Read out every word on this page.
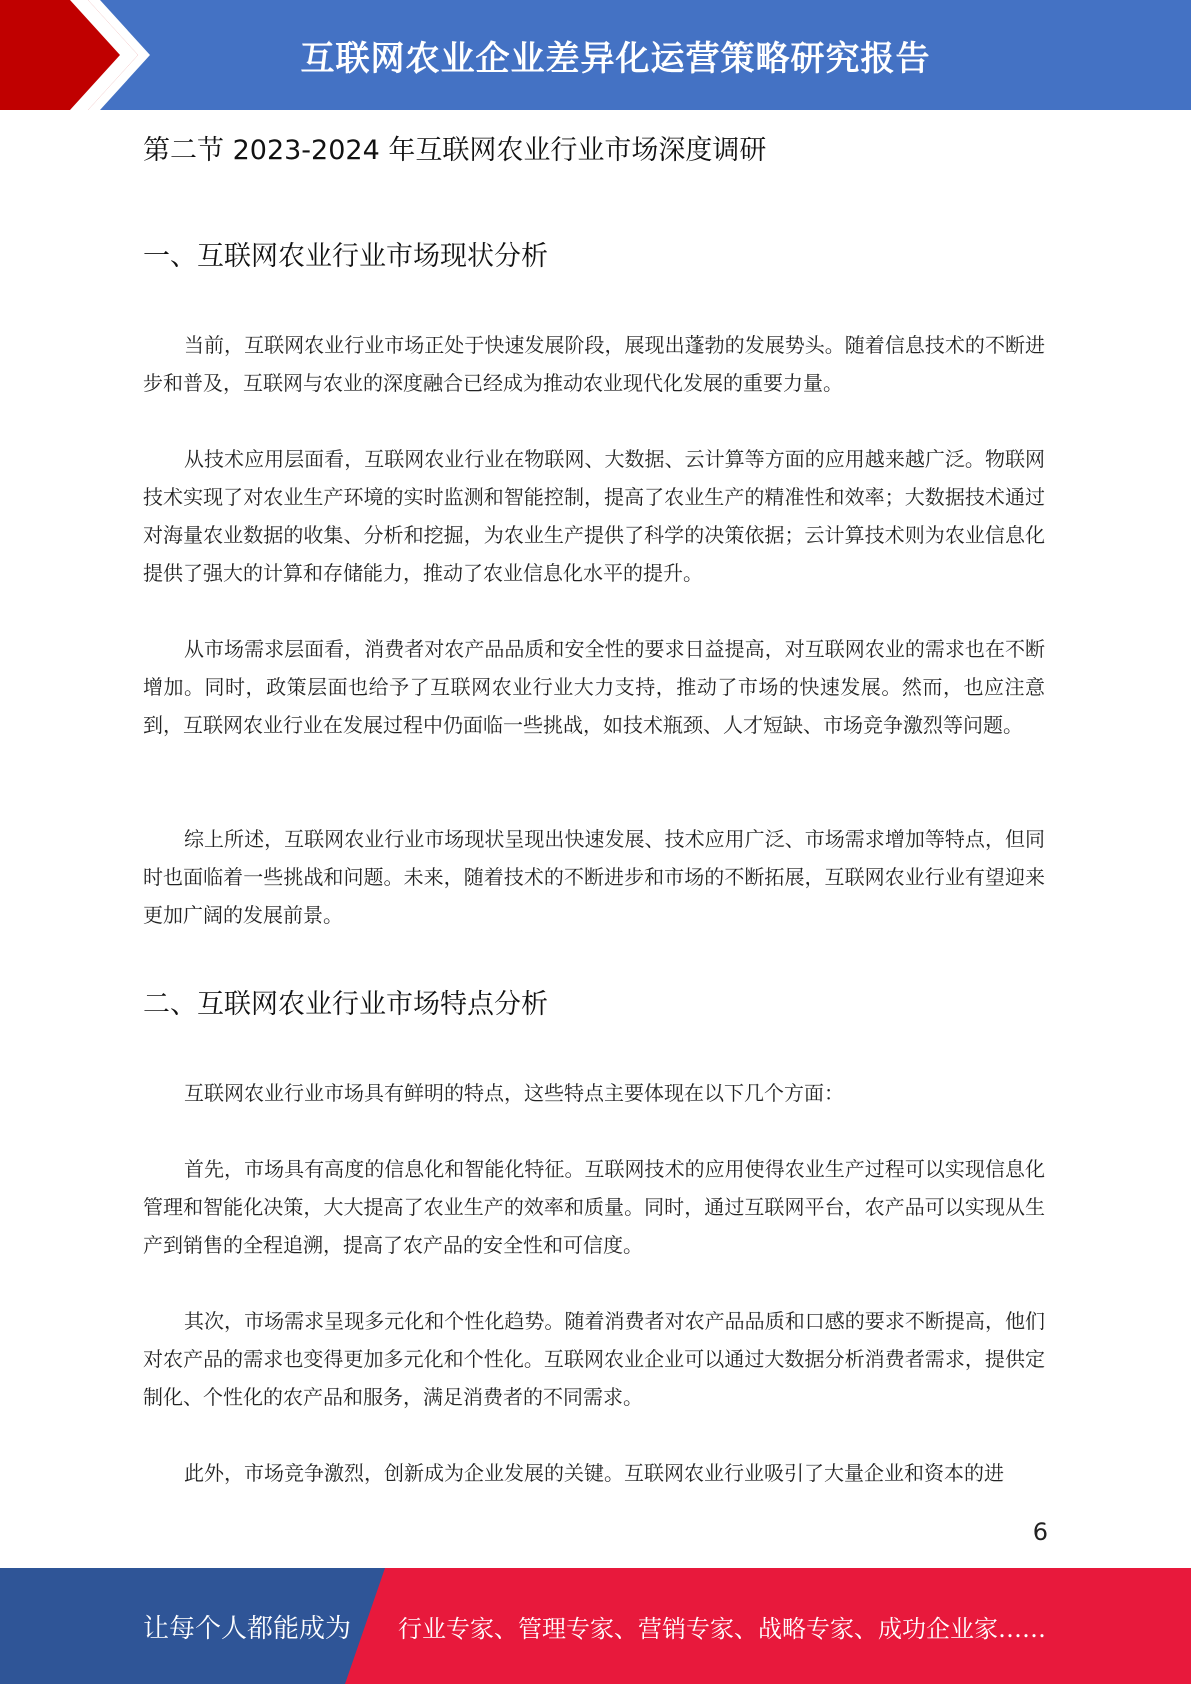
互联网农业企业差异化运营策略研究报告
第二节 2023-2024 年互联网农业行业市场深度调研
一、互联网农业行业市场现状分析

当前，互联网农业行业市场正处于快速发展阶段，展现出蓬勃的发展势头。随着信息技术的不断进步和普及，互联网与农业的深度融合已经成为推动农业现代化发展的重要力量。

从技术应用层面看，互联网农业行业在物联网、大数据、云计算等方面的应用越来越广泛。物联网技术实现了对农业生产环境的实时监测和智能控制，提高了农业生产的精准性和效率；大数据技术通过对海量农业数据的收集、分析和挖掘，为农业生产提供了科学的决策依据；云计算技术则为农业信息化提供了强大的计算和存储能力，推动了农业信息化水平的提升。

从市场需求层面看，消费者对农产品品质和安全性的要求日益提高，对互联网农业的需求也在不断增加。同时，政策层面也给予了互联网农业行业大力支持，推动了市场的快速发展。然而，也应注意到，互联网农业行业在发展过程中仍面临一些挑战，如技术瓶颈、人才短缺、市场竞争激烈等问题。

综上所述，互联网农业行业市场现状呈现出快速发展、技术应用广泛、市场需求增加等特点，但同时也面临着一些挑战和问题。未来，随着技术的不断进步和市场的不断拓展，互联网农业行业有望迎来更加广阔的发展前景。

二、互联网农业行业市场特点分析

互联网农业行业市场具有鲜明的特点，这些特点主要体现在以下几个方面：

首先，市场具有高度的信息化和智能化特征。互联网技术的应用使得农业生产过程可以实现信息化管理和智能化决策，大大提高了农业生产的效率和质量。同时，通过互联网平台，农产品可以实现从生产到销售的全程追溯，提高了农产品的安全性和可信度。

其次，市场需求呈现多元化和个性化趋势。随着消费者对农产品品质和口感的要求不断提高，他们对农产品的需求也变得更加多元化和个性化。互联网农业企业可以通过大数据分析消费者需求，提供定制化、个性化的农产品和服务，满足消费者的不同需求。

此外，市场竞争激烈，创新成为企业发展的关键。互联网农业行业吸引了大量企业和资本的进

6
让每个人都能成为 行业专家、管理专家、营销专家、战略专家、成功企业家……
